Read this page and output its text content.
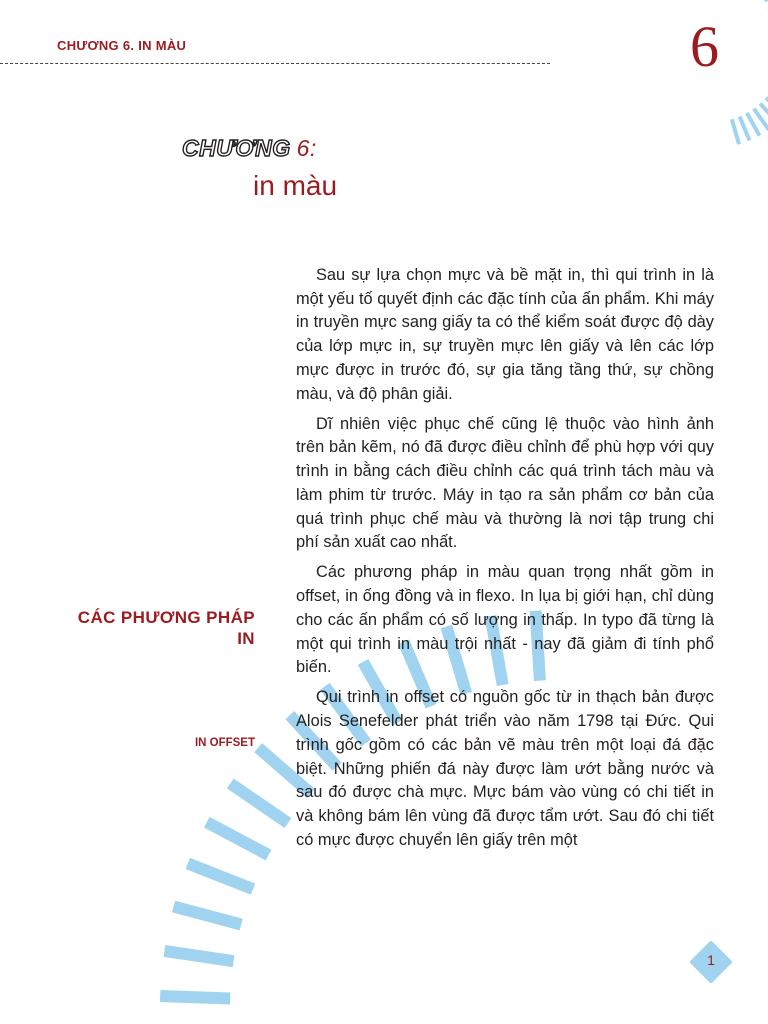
CHƯƠNG 6. IN MÀU	6
CHƯƠNG 6:
in màu
CÁC PHƯƠNG PHÁP IN
IN OFFSET

Sau sự lựa chọn mực và bề mặt in, thì qui trình in là một yếu tố quyết định các đặc tính của ấn phẩm. Khi máy in truyền mực sang giấy ta có thể kiểm soát được độ dày của lớp mực in, sự truyền mực lên giấy và lên các lớp mực được in trước đó, sự gia tăng tầng thứ, sự chồng màu, và độ phân giải.

Dĩ nhiên việc phục chế cũng lệ thuộc vào hình ảnh trên bản kẽm, nó đã được điều chỉnh để phù hợp với quy trình in bằng cách điều chỉnh các quá trình tách màu và làm phim từ trước. Máy in tạo ra sản phẩm cơ bản của quá trình phục chế màu và thường là nơi tập trung chi phí sản xuất cao nhất.

Các phương pháp in màu quan trọng nhất gồm in offset, in ống đồng và in flexo. In lụa bị giới hạn, chỉ dùng cho các ấn phẩm có số lượng in thấp. In typo đã từng là một qui trình in màu trội nhất - nay đã giảm đi tính phổ biến.

Qui trình in offset có nguồn gốc từ in thạch bản được Alois Senefelder phát triển vào năm 1798 tại Đức. Qui trình gốc gồm có các bản vẽ màu trên một loại đá đặc biệt. Những phiến đá này được làm ướt bằng nước và sau đó được chà mực. Mực bám vào vùng có chi tiết in và không bám lên vùng đã được tẩm ướt. Sau đó chi tiết có mực được chuyển lên giấy trên một

1
